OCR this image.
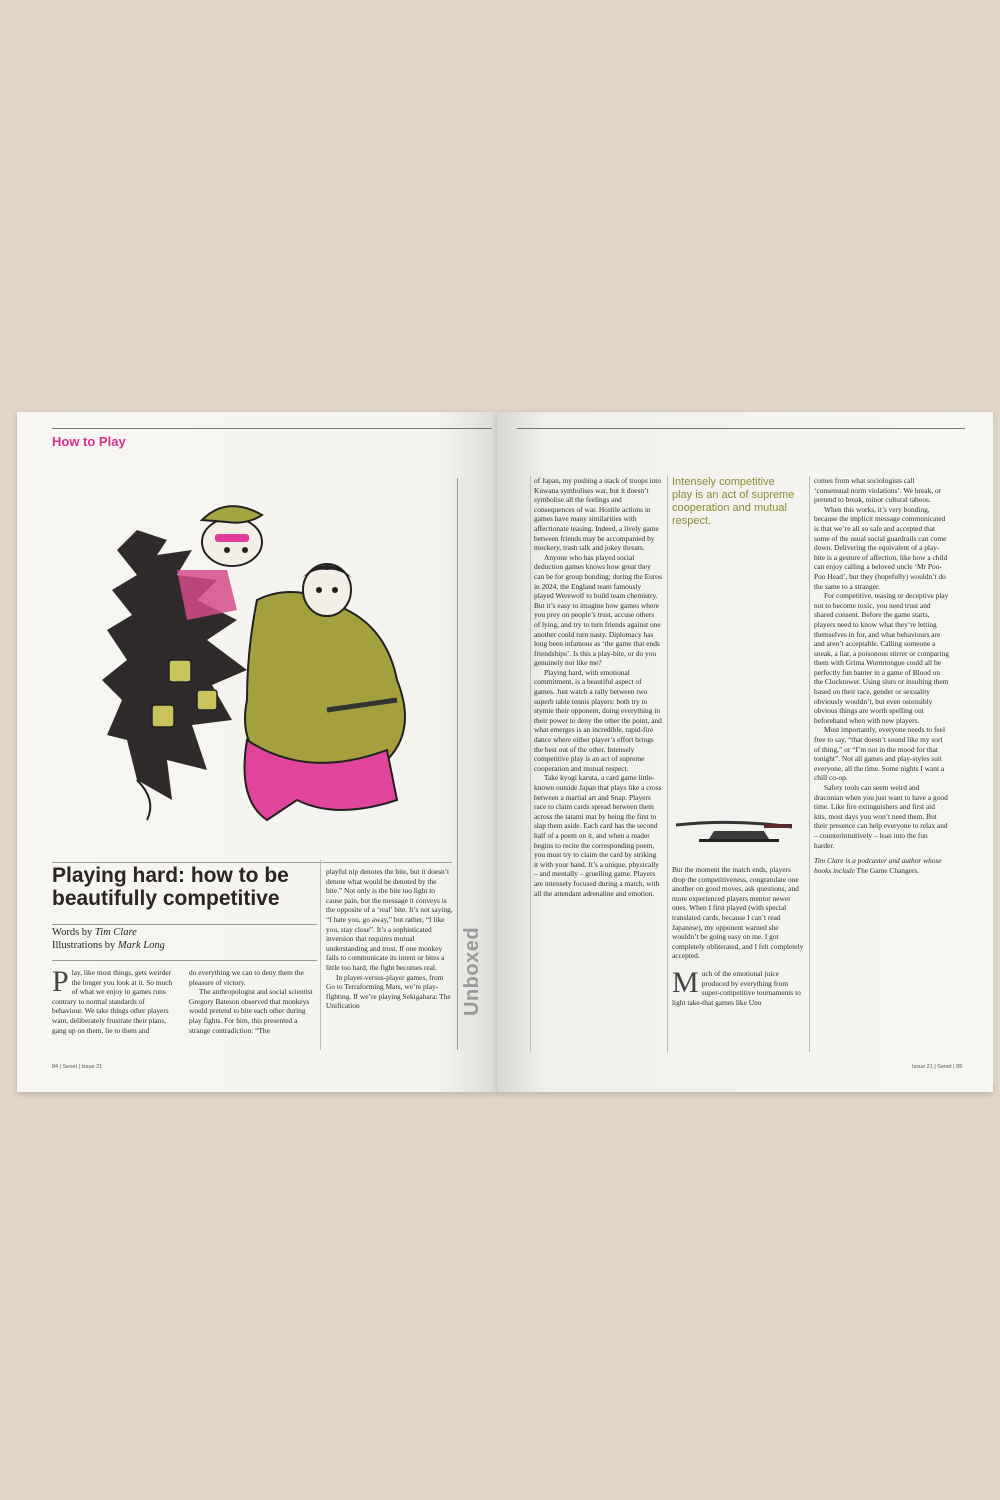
How to Play
Playing hard: how to be beautifully competitive
Words by Tim Clare
Illustrations by Mark Long

Play, like most things, gets weirder the longer you look at it. So much of what we enjoy in games runs contrary to normal standards of behaviour. We take things other players want, deliberately frustrate their plans, gang up on them, lie to them and

do everything we can to deny them the pleasure of victory.

The anthropologist and social scientist Gregory Bateson observed that monkeys would pretend to bite each other during play fights. For him, this presented a strange contradiction: “The

playful nip denotes the bite, but it doesn’t denote what would be denoted by the bite.” Not only is the bite too light to cause pain, but the message it conveys is the opposite of a ‘real’ bite. It’s not saying, “I hate you, go away,” but rather, “I like you, stay close”. It’s a sophisticated inversion that requires mutual understanding and trust. If one monkey fails to communicate its intent or bites a little too hard, the fight becomes real.

In player-versus-player games, from Go to Terraforming Mars, we’re play-fighting. If we’re playing Sekigahara: The Unification	Unboxed
84 | Senet | Issue 21

of Japan, my pushing a stack of troops into Kuwana symbolises war, but it doesn’t symbolise all the feelings and consequences of war. Hostile actions in games have many similarities with affectionate teasing. Indeed, a lively game between friends may be accompanied by mockery, trash talk and jokey threats.

Anyone who has played social deduction games knows how great they can be for group bonding; during the Euros in 2024, the England team famously played Werewolf to build team chemistry. But it’s easy to imagine how games where you prey on people’s trust, accuse others of lying, and try to turn friends against one another could turn nasty. Diplomacy has long been infamous as ‘the game that ends friendships’. Is this a play-bite, or do you genuinely not like me?

Playing hard, with emotional commitment, is a beautiful aspect of games. Just watch a rally between two superb table tennis players: both try to stymie their opponent, doing everything in their power to deny the other the point, and what emerges is an incredible, rapid-fire dance where either player’s effort brings the best out of the other. Intensely competitive play is an act of supreme cooperation and mutual respect.

Take kyogi karuta, a card game little-known outside Japan that plays like a cross between a martial art and Snap. Players race to claim cards spread between them across the tatami mat by being the first to slap them aside. Each card has the second half of a poem on it, and when a reader begins to recite the corresponding poem, you must try to claim the card by striking it with your hand. It’s a unique, physically – and mentally – gruelling game. Players are intensely focused during a match, with all the attendant adrenaline and emotion.

Intensely competitive play is an act of supreme cooperation and mutual respect.

But the moment the match ends, players drop the competitiveness, congratulate one another on good moves, ask questions, and more experienced players mentor newer ones. When I first played (with special translated cards, because I can’t read Japanese), my opponent warned she wouldn’t be going easy on me. I got completely obliterated, and I felt completely accepted.

Much of the emotional juice produced by everything from super-competitive tournaments to light take-that games like Uno

comes from what sociologists call ‘consensual norm violations’. We break, or pretend to break, minor cultural taboos.

When this works, it’s very bonding, because the implicit message communicated is that we’re all so safe and accepted that some of the usual social guardrails can come down. Delivering the equivalent of a play-bite is a gesture of affection, like how a child can enjoy calling a beloved uncle ‘Mr Poo-Poo Head’, but they (hopefully) wouldn’t do the same to a stranger.

For competitive, teasing or deceptive play not to become toxic, you need trust and shared consent. Before the game starts, players need to know what they’re letting themselves in for, and what behaviours are and aren’t acceptable. Calling someone a sneak, a liar, a poisonous stirrer or comparing them with Grima Wormtongue could all be perfectly fun banter in a game of Blood on the Clocktower. Using slurs or insulting them based on their race, gender or sexuality obviously wouldn’t, but even ostensibly obvious things are worth spelling out beforehand when with new players.

Most importantly, everyone needs to feel free to say, “that doesn’t sound like my sort of thing,” or “I’m not in the mood for that tonight”. Not all games and play-styles suit everyone, all the time. Some nights I want a chill co-op.

Safety tools can seem weird and draconian when you just want to have a good time. Like fire extinguishers and first aid kits, most days you won’t need them. But their presence can help everyone to relax and – counterintuitively – lean into the fun harder.

Tim Clare is a podcaster and author whose books include The Game Changers.

Issue 21 | Senet | 85
